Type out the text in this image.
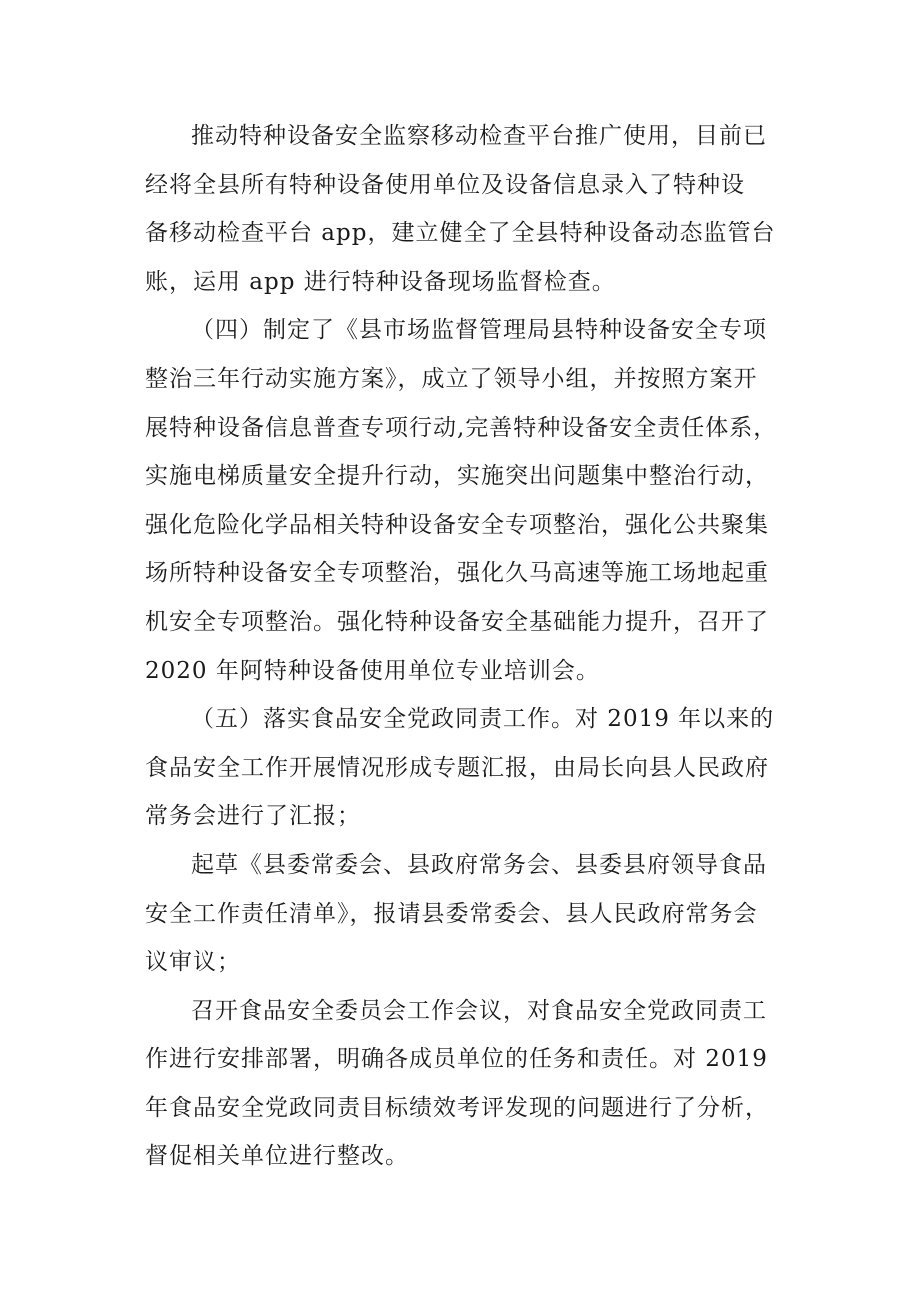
推动特种设备安全监察移动检查平台推广使用，目前已
经将全县所有特种设备使用单位及设备信息录入了特种设
备移动检查平台 app，建立健全了全县特种设备动态监管台
账，运用 app 进行特种设备现场监督检查。
（四）制定了《县市场监督管理局县特种设备安全专项
整治三年行动实施方案》，成立了领导小组，并按照方案开
展特种设备信息普查专项行动,完善特种设备安全责任体系，
实施电梯质量安全提升行动，实施突出问题集中整治行动，
强化危险化学品相关特种设备安全专项整治，强化公共聚集
场所特种设备安全专项整治，强化久马高速等施工场地起重
机安全专项整治。强化特种设备安全基础能力提升，召开了
2020 年阿特种设备使用单位专业培训会。
（五）落实食品安全党政同责工作。对 2019 年以来的
食品安全工作开展情况形成专题汇报，由局长向县人民政府
常务会进行了汇报；
起草《县委常委会、县政府常务会、县委县府领导食品
安全工作责任清单》，报请县委常委会、县人民政府常务会
议审议；
召开食品安全委员会工作会议，对食品安全党政同责工
作进行安排部署，明确各成员单位的任务和责任。对 2019
年食品安全党政同责目标绩效考评发现的问题进行了分析，
督促相关单位进行整改。
